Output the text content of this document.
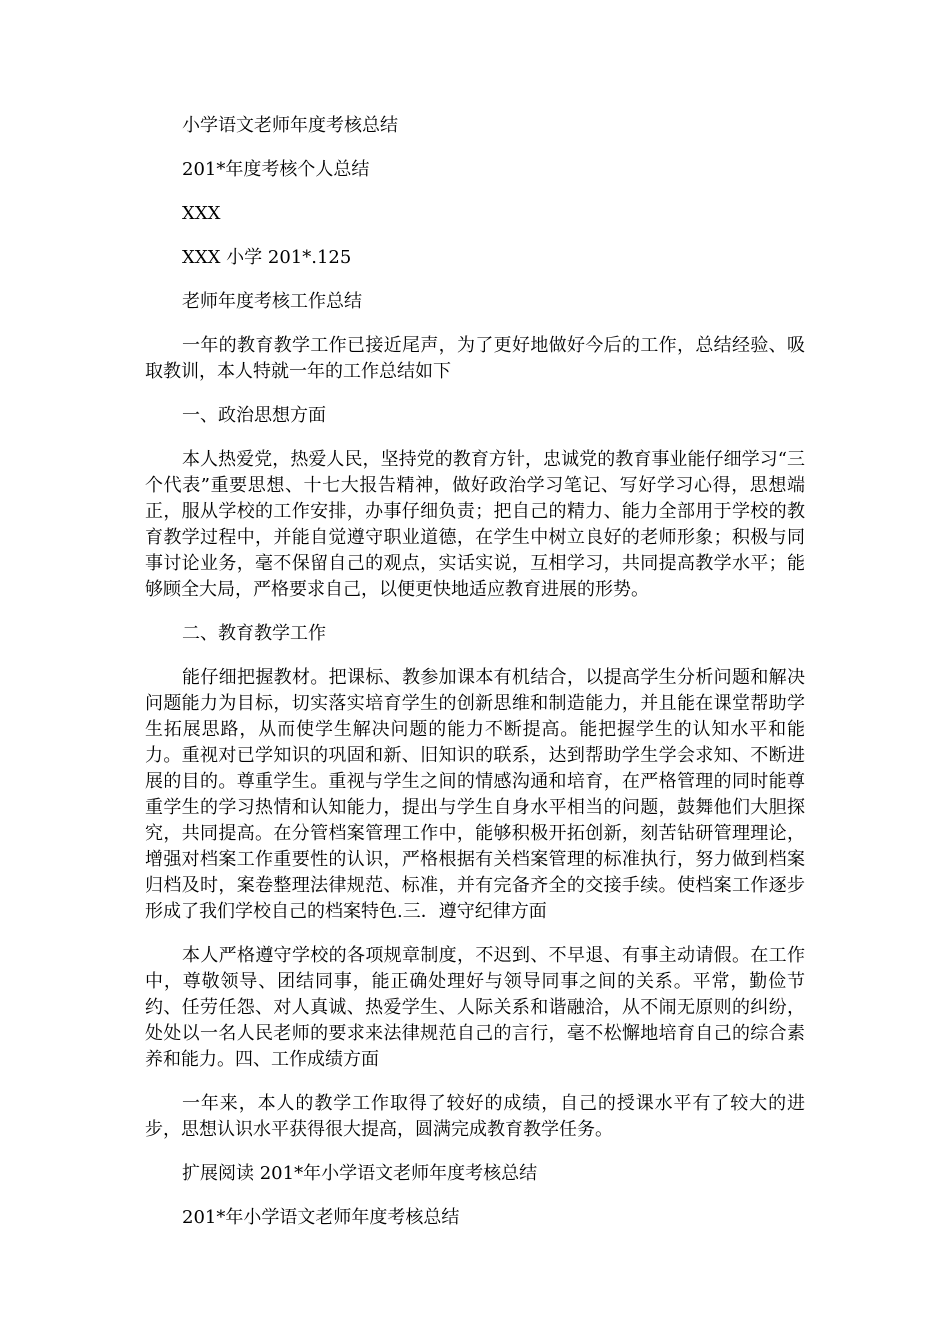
小学语文老师年度考核总结

201*年度考核个人总结

XXX

XXX 小学 201*.125

老师年度考核工作总结

一年的教育教学工作已接近尾声，为了更好地做好今后的工作，总结经验、吸取教训，本人特就一年的工作总结如下

一、政治思想方面

本人热爱党，热爱人民，坚持党的教育方针，忠诚党的教育事业能仔细学习“三个代表”重要思想、十七大报告精神，做好政治学习笔记、写好学习心得，思想端正，服从学校的工作安排，办事仔细负责；把自己的精力、能力全部用于学校的教育教学过程中，并能自觉遵守职业道德，在学生中树立良好的老师形象；积极与同事讨论业务，毫不保留自己的观点，实话实说，互相学习，共同提高教学水平；能够顾全大局，严格要求自己，以便更快地适应教育进展的形势。

二、教育教学工作

能仔细把握教材。把课标、教参加课本有机结合，以提高学生分析问题和解决问题能力为目标，切实落实培育学生的创新思维和制造能力，并且能在课堂帮助学生拓展思路，从而使学生解决问题的能力不断提高。能把握学生的认知水平和能力。重视对已学知识的巩固和新、旧知识的联系，达到帮助学生学会求知、不断进展的目的。尊重学生。重视与学生之间的情感沟通和培育，在严格管理的同时能尊重学生的学习热情和认知能力，提出与学生自身水平相当的问题，鼓舞他们大胆探究，共同提高。在分管档案管理工作中，能够积极开拓创新，刻苦钻研管理理论，增强对档案工作重要性的认识，严格根据有关档案管理的标准执行，努力做到档案归档及时，案卷整理法律规范、标准，并有完备齐全的交接手续。使档案工作逐步形成了我们学校自己的档案特色.三．遵守纪律方面

本人严格遵守学校的各项规章制度，不迟到、不早退、有事主动请假。在工作中，尊敬领导、团结同事，能正确处理好与领导同事之间的关系。平常，勤俭节约、任劳任怨、对人真诚、热爱学生、人际关系和谐融洽，从不闹无原则的纠纷，处处以一名人民老师的要求来法律规范自己的言行，毫不松懈地培育自己的综合素养和能力。四、工作成绩方面

一年来，本人的教学工作取得了较好的成绩，自己的授课水平有了较大的进步，思想认识水平获得很大提高，圆满完成教育教学任务。

扩展阅读 201*年小学语文老师年度考核总结

201*年小学语文老师年度考核总结
